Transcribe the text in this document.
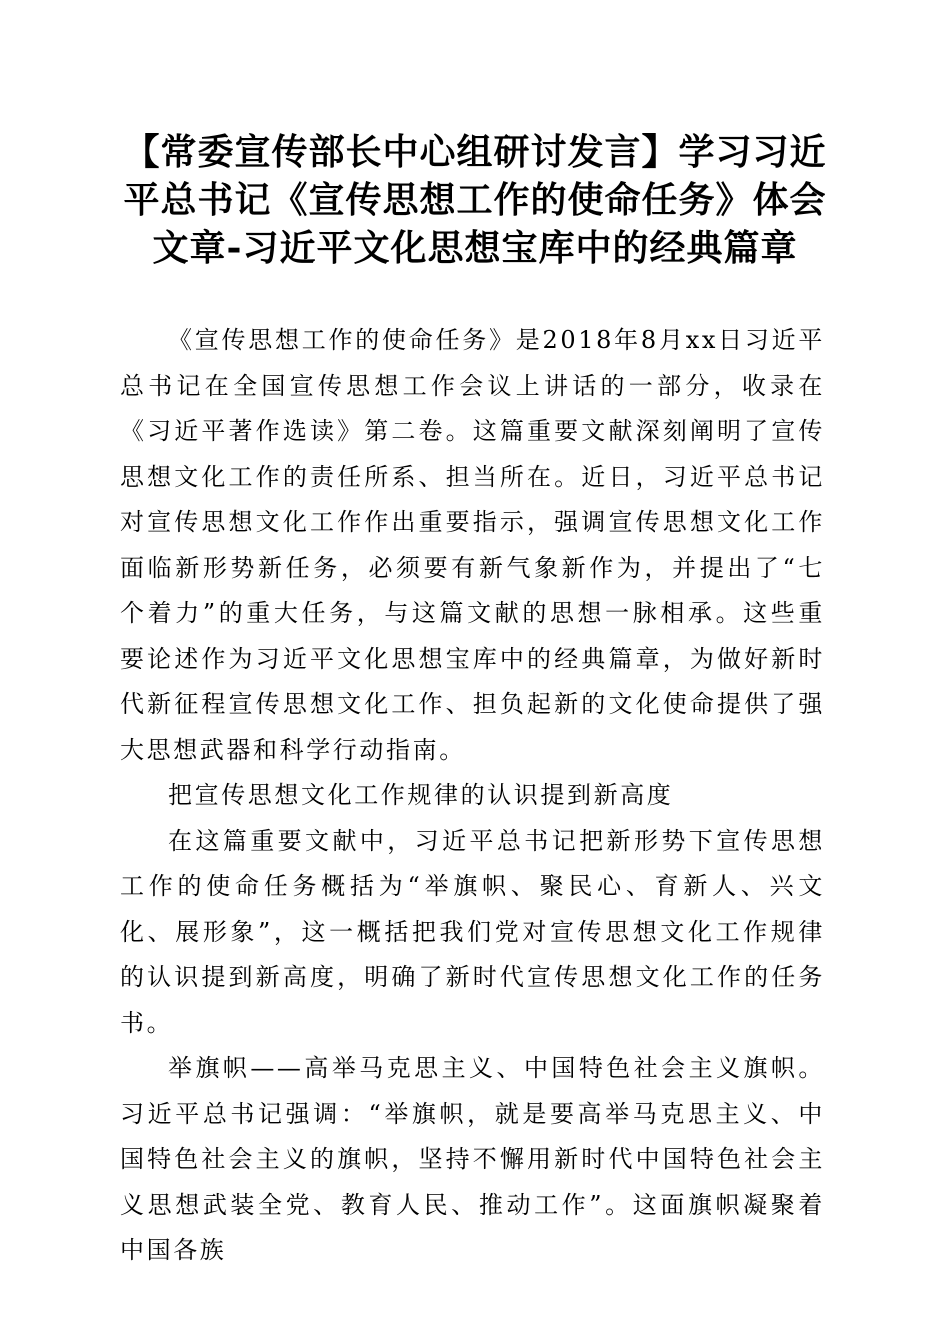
【常委宣传部长中心组研讨发言】学习习近平总书记《宣传思想工作的使命任务》体会文章-习近平文化思想宝库中的经典篇章

《宣传思想工作的使命任务》是2018年8月xx日习近平总书记在全国宣传思想工作会议上讲话的一部分，收录在《习近平著作选读》第二卷。这篇重要文献深刻阐明了宣传思想文化工作的责任所系、担当所在。近日，习近平总书记对宣传思想文化工作作出重要指示，强调宣传思想文化工作面临新形势新任务，必须要有新气象新作为，并提出了“七个着力”的重大任务，与这篇文献的思想一脉相承。这些重要论述作为习近平文化思想宝库中的经典篇章，为做好新时代新征程宣传思想文化工作、担负起新的文化使命提供了强大思想武器和科学行动指南。

把宣传思想文化工作规律的认识提到新高度

在这篇重要文献中，习近平总书记把新形势下宣传思想工作的使命任务概括为“举旗帜、聚民心、育新人、兴文化、展形象”，这一概括把我们党对宣传思想文化工作规律的认识提到新高度，明确了新时代宣传思想文化工作的任务书。

举旗帜——高举马克思主义、中国特色社会主义旗帜。习近平总书记强调：“举旗帜，就是要高举马克思主义、中国特色社会主义的旗帜，坚持不懈用新时代中国特色社会主义思想武装全党、教育人民、推动工作”。这面旗帜凝聚着中国各族
